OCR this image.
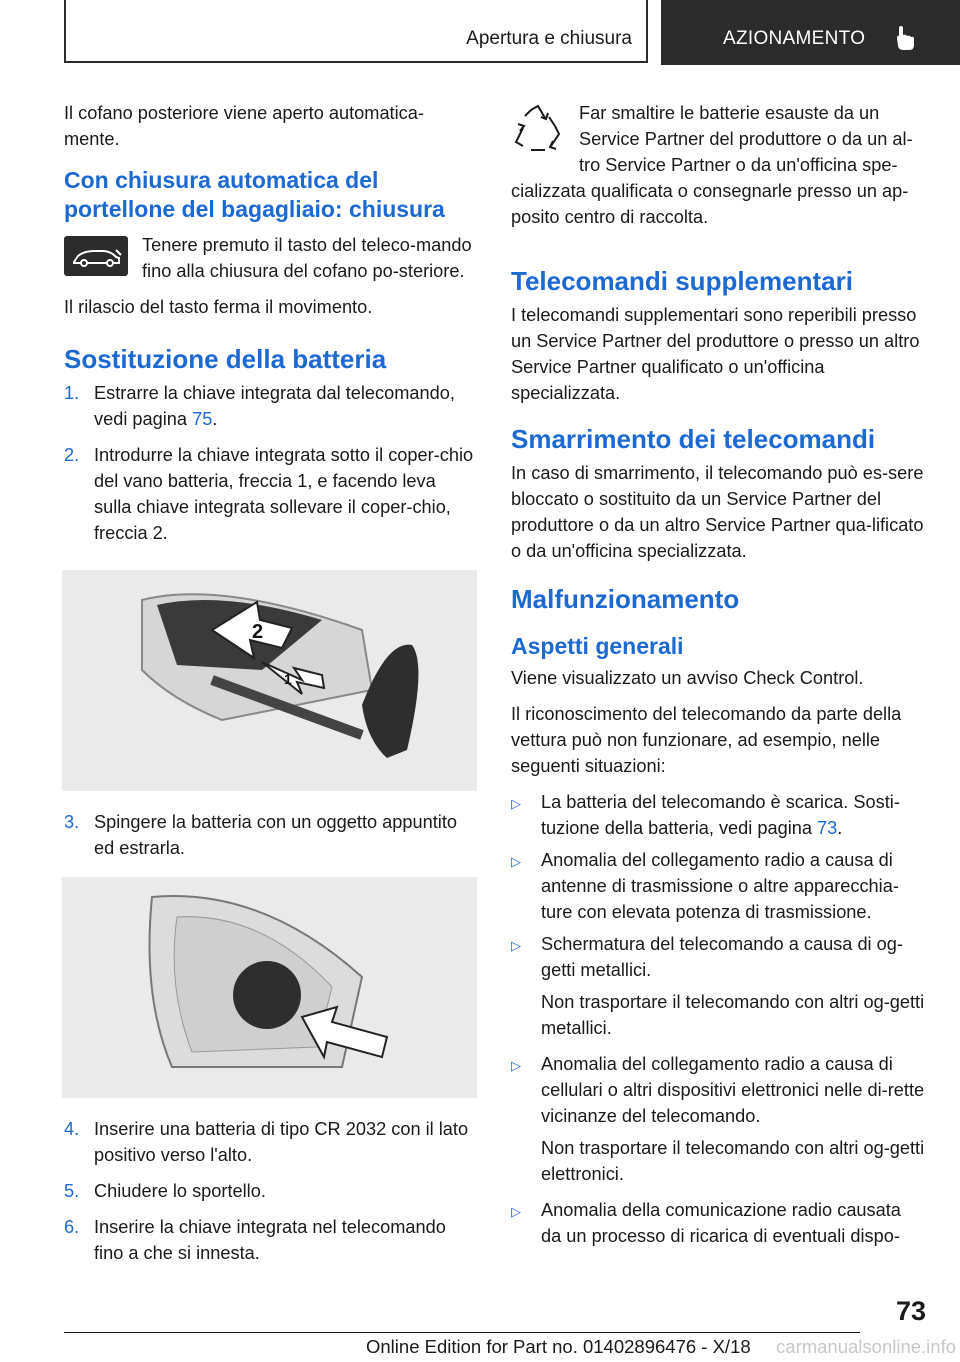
Apertura e chiusura	AZIONAMENTO

Il cofano posteriore viene aperto automatica-mente.

Con chiusura automatica del portellone del bagagliaio: chiusura

Tenere premuto il tasto del teleco-mando fino alla chiusura del cofano po-steriore.

Il rilascio del tasto ferma il movimento.

Sostituzione della batteria
1. Estrarre la chiave integrata dal telecomando, vedi pagina 75.
2. Introdurre la chiave integrata sotto il coper-chio del vano batteria, freccia 1, e facendo leva sulla chiave integrata sollevare il coper-chio, freccia 2.
2
1
3. Spingere la batteria con un oggetto appuntito ed estrarla.
4. Inserire una batteria di tipo CR 2032 con il lato positivo verso l'alto.
5. Chiudere lo sportello.
6. Inserire la chiave integrata nel telecomando fino a che si innesta.

Far smaltire le batterie esauste da un Service Partner del produttore o da un al-tro Service Partner o da un'officina spe-cializzata qualificata o consegnarle presso un ap-posito centro di raccolta.

Telecomandi supplementari

I telecomandi supplementari sono reperibili presso un Service Partner del produttore o presso un altro Service Partner qualificato o un'officina specializzata.

Smarrimento dei telecomandi

In caso di smarrimento, il telecomando può es-sere bloccato o sostituito da un Service Partner del produttore o da un altro Service Partner qua-lificato o da un'officina specializzata.

Malfunzionamento
Aspetti generali

Viene visualizzato un avviso Check Control.

Il riconoscimento del telecomando da parte della vettura può non funzionare, ad esempio, nelle seguenti situazioni:

▷	La batteria del telecomando è scarica. Sosti-tuzione della batteria, vedi pagina 73.
▷	Anomalia del collegamento radio a causa di antenne di trasmissione o altre apparecchia-ture con elevata potenza di trasmissione.
▷	Schermatura del telecomando a causa di og-getti metallici.

Non trasportare il telecomando con altri og-getti metallici.

▷	Anomalia del collegamento radio a causa di cellulari o altri dispositivi elettronici nelle di-rette vicinanze del telecomando.

Non trasportare il telecomando con altri og-getti elettronici.

▷	Anomalia della comunicazione radio causata da un processo di ricarica di eventuali dispo-
73
Online Edition for Part no. 01402896476 - X/18 carmanualsonline.info
